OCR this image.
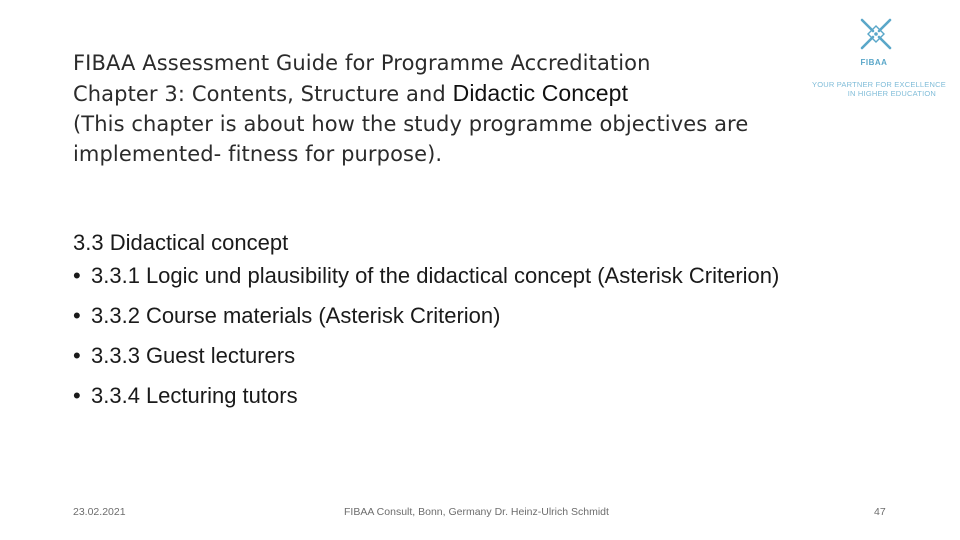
FIBAA Assessment Guide for Programme Accreditation
Chapter 3: Contents, Structure and Didactic Concept
(This chapter is about how the study programme objectives are
implemented- fitness for purpose).
FIBAA
YOUR PARTNER FOR EXCELLENCE
IN HIGHER EDUCATION
3.3 Didactical concept
• 3.3.1 Logic und plausibility of the didactical concept (Asterisk Criterion)
• 3.3.2 Course materials (Asterisk Criterion)
• 3.3.3 Guest lecturers
• 3.3.4 Lecturing tutors
23.02.2021	FIBAA Consult, Bonn, Germany Dr. Heinz-Ulrich Schmidt	47
